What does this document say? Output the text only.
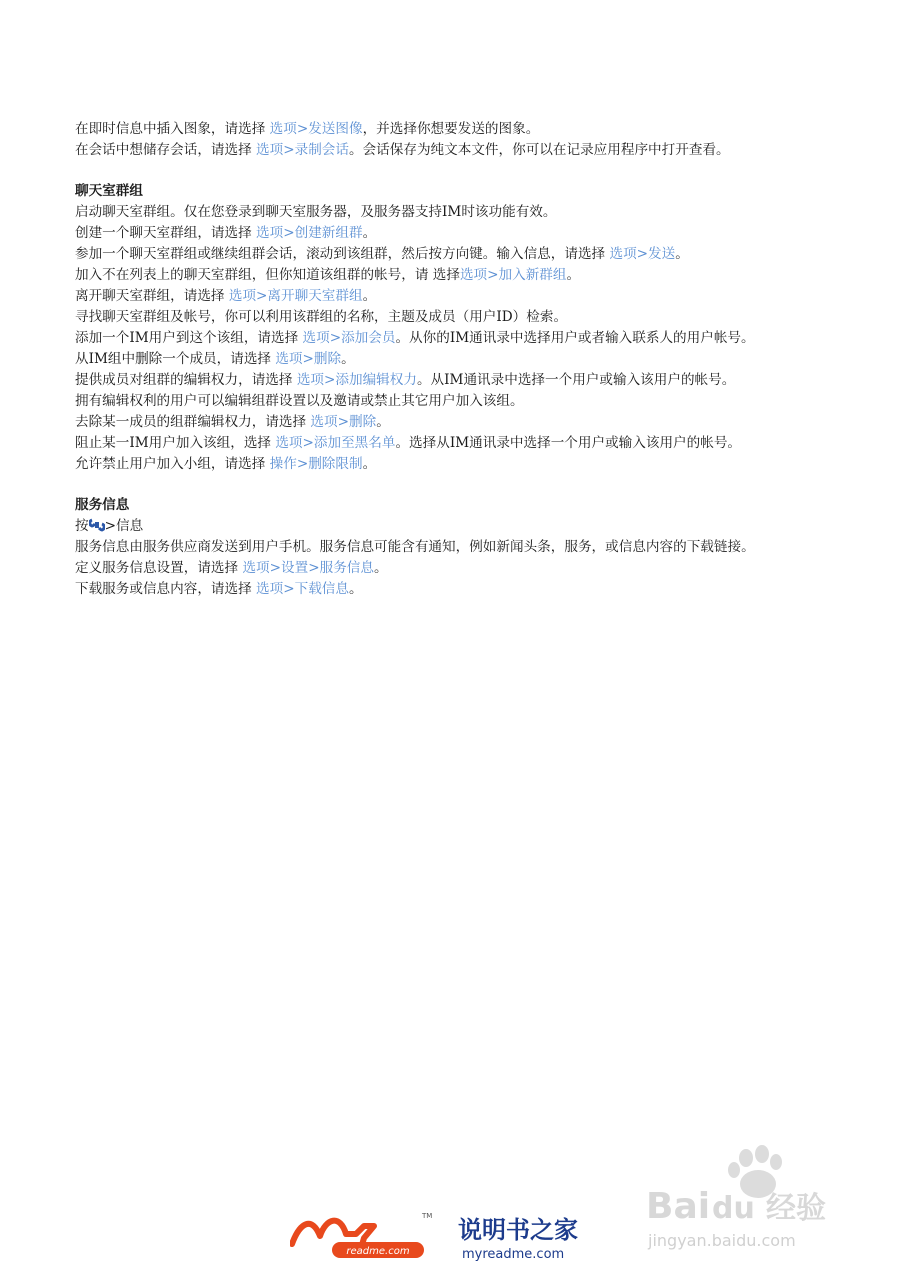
在即时信息中插入图象，请选择 选项>发送图像，并选择你想要发送的图象。
在会话中想储存会话，请选择 选项>录制会话。会话保存为纯文本文件，你可以在记录应用程序中打开查看。
聊天室群组
启动聊天室群组。仅在您登录到聊天室服务器，及服务器支持IM时该功能有效。
创建一个聊天室群组，请选择 选项>创建新组群。
参加一个聊天室群组或继续组群会话，滚动到该组群，然后按方向键。输入信息，请选择 选项>发送。
加入不在列表上的聊天室群组，但你知道该组群的帐号，请 选择选项>加入新群组。
离开聊天室群组，请选择 选项>离开聊天室群组。
寻找聊天室群组及帐号，你可以利用该群组的名称，主题及成员（用户ID）检索。
添加一个IM用户到这个该组，请选择 选项>添加会员。从你的IM通讯录中选择用户或者输入联系人的用户帐号。
从IM组中删除一个成员，请选择 选项>删除。
提供成员对组群的编辑权力，请选择 选项>添加编辑权力。从IM通讯录中选择一个用户或输入该用户的帐号。
拥有编辑权利的用户可以编辑组群设置以及邀请或禁止其它用户加入该组。
去除某一成员的组群编辑权力，请选择 选项>删除。
阻止某一IM用户加入该组，选择 选项>添加至黑名单。选择从IM通讯录中选择一个用户或输入该用户的帐号。
允许禁止用户加入小组，请选择 操作>删除限制。
服务信息
按 >信息
服务信息由服务供应商发送到用户手机。服务信息可能含有通知，例如新闻头条，服务，或信息内容的下载链接。
定义服务信息设置，请选择 选项>设置>服务信息。
下载服务或信息内容，请选择 选项>下载信息。
Bai du 经验
jingyan.baidu.com
TM
readme.com
说明书之家
myreadme.com
